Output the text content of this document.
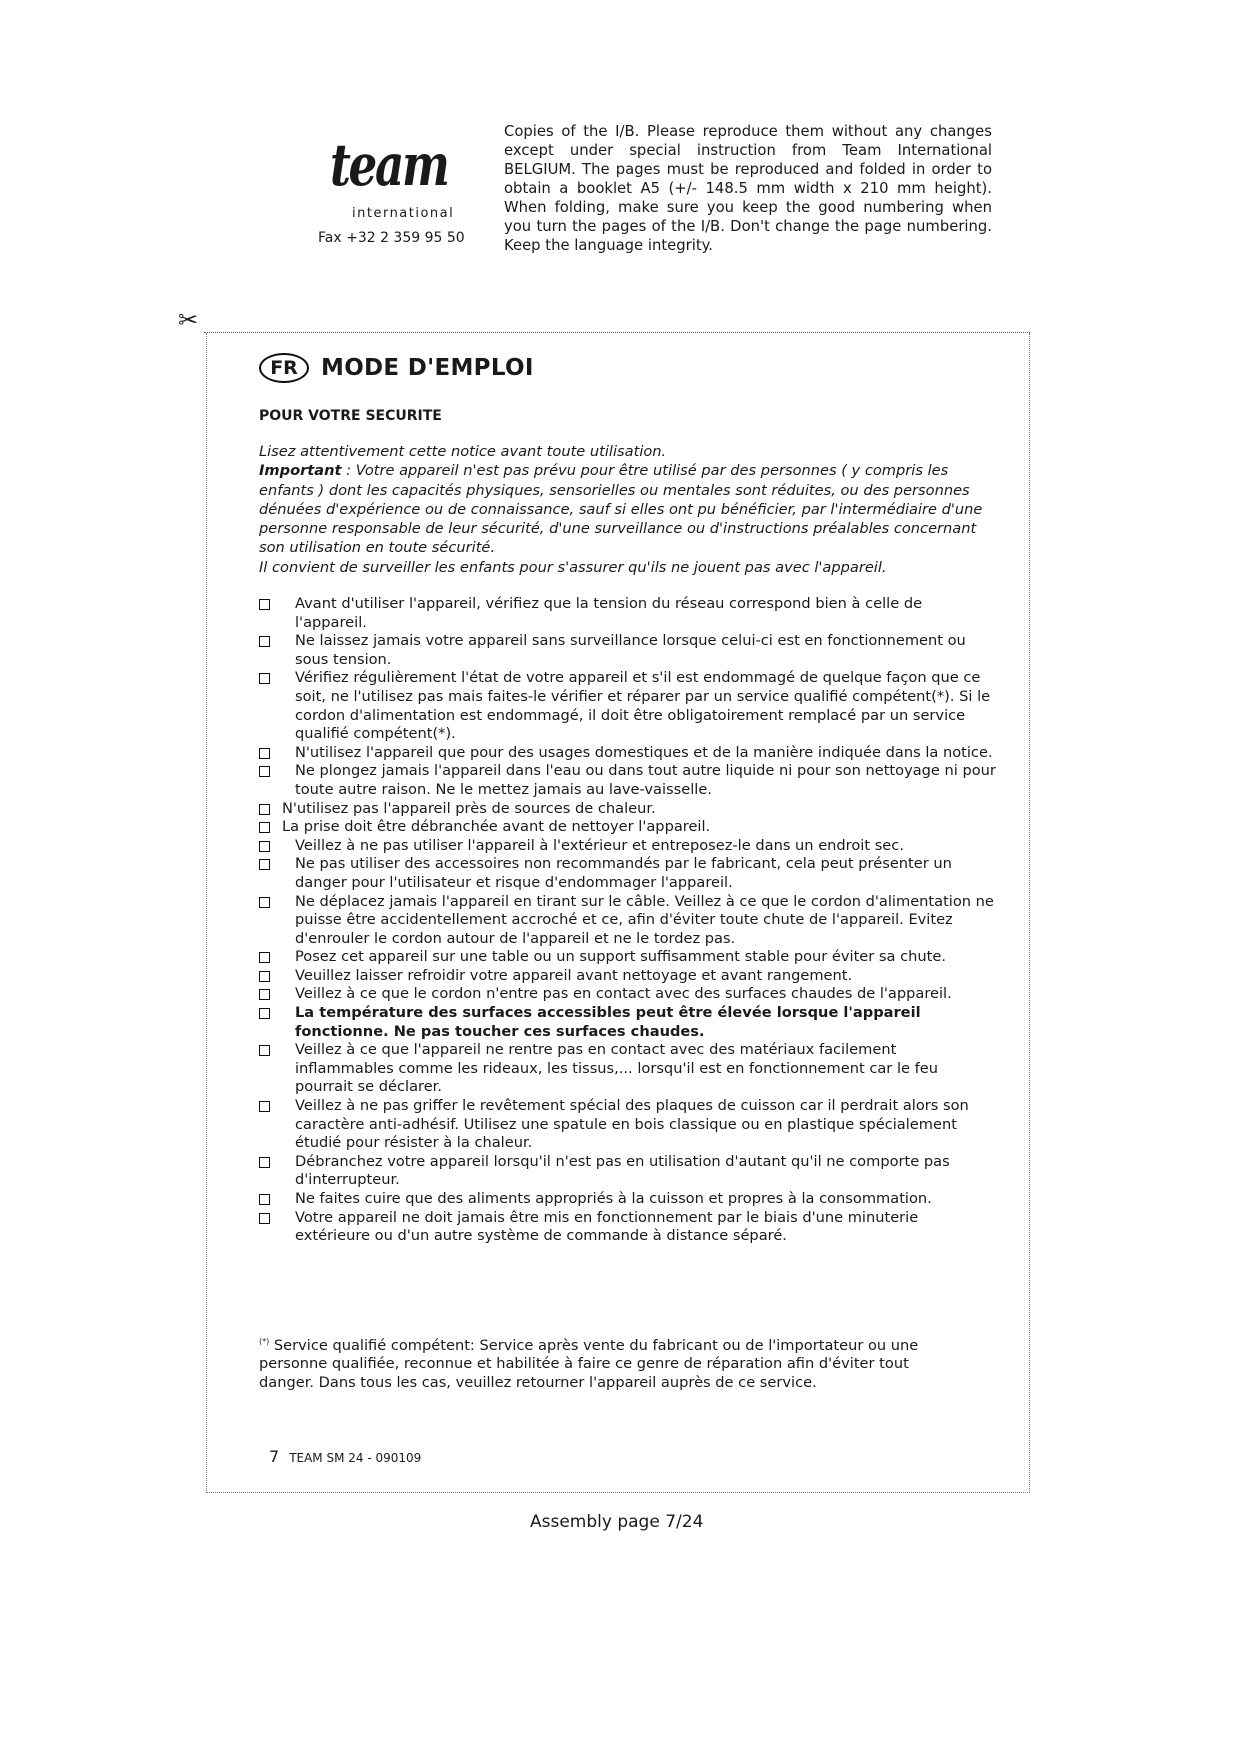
team
international
Fax +32 2 359 95 50
Copies of the I/B. Please reproduce them without any changes except under special instruction from Team International BELGIUM. The pages must be reproduced and folded in order to obtain a booklet A5 (+/- 148.5 mm width x 210 mm height). When folding, make sure you keep the good numbering when you turn the pages of the I/B. Don't change the page numbering. Keep the language integrity.
✂
FR	MODE D'EMPLOI
POUR VOTRE SECURITE

Lisez attentivement cette notice avant toute utilisation.

Important : Votre appareil n'est pas prévu pour être utilisé par des personnes ( y compris les enfants ) dont les capacités physiques, sensorielles ou mentales sont réduites, ou des personnes dénuées d'expérience ou de connaissance, sauf si elles ont pu bénéficier, par l'intermédiaire d'une personne responsable de leur sécurité, d'une surveillance ou d'instructions préalables concernant son utilisation en toute sécurité.

Il convient de surveiller les enfants pour s'assurer qu'ils ne jouent pas avec l'appareil.

Avant d'utiliser l'appareil, vérifiez que la tension du réseau correspond bien à celle de l'appareil.
Ne laissez jamais votre appareil sans surveillance lorsque celui-ci est en fonctionnement ou sous tension.
Vérifiez régulièrement l'état de votre appareil et s'il est endommagé de quelque façon que ce soit, ne l'utilisez pas mais faites-le vérifier et réparer par un service qualifié compétent(*). Si le cordon d'alimentation est endommagé, il doit être obligatoirement remplacé par un service qualifié compétent(*).
N'utilisez l'appareil que pour des usages domestiques et de la manière indiquée dans la notice.
Ne plongez jamais l'appareil dans l'eau ou dans tout autre liquide ni pour son nettoyage ni pour toute autre raison. Ne le mettez jamais au lave-vaisselle.
N'utilisez pas l'appareil près de sources de chaleur.
La prise doit être débranchée avant de nettoyer l'appareil.
Veillez à ne pas utiliser l'appareil à l'extérieur et entreposez-le dans un endroit sec.
Ne pas utiliser des accessoires non recommandés par le fabricant, cela peut présenter un danger pour l'utilisateur et risque d'endommager l'appareil.
Ne déplacez jamais l'appareil en tirant sur le câble. Veillez à ce que le cordon d'alimentation ne puisse être accidentellement accroché et ce, afin d'éviter toute chute de l'appareil. Evitez d'enrouler le cordon autour de l'appareil et ne le tordez pas.
Posez cet appareil sur une table ou un support suffisamment stable pour éviter sa chute.
Veuillez laisser refroidir votre appareil avant nettoyage et avant rangement.
Veillez à ce que le cordon n'entre pas en contact avec des surfaces chaudes de l'appareil.
La température des surfaces accessibles peut être élevée lorsque l'appareil fonctionne. Ne pas toucher ces surfaces chaudes.
Veillez à ce que l'appareil ne rentre pas en contact avec des matériaux facilement inflammables comme les rideaux, les tissus,... lorsqu'il est en fonctionnement car le feu pourrait se déclarer.
Veillez à ne pas griffer le revêtement spécial des plaques de cuisson car il perdrait alors son caractère anti-adhésif. Utilisez une spatule en bois classique ou en plastique spécialement étudié pour résister à la chaleur.
Débranchez votre appareil lorsqu'il n'est pas en utilisation d'autant qu'il ne comporte pas d'interrupteur.
Ne faites cuire que des aliments appropriés à la cuisson et propres à la consommation.
Votre appareil ne doit jamais être mis en fonctionnement par le biais d'une minuterie extérieure ou d'un autre système de commande à distance séparé.
(*) Service qualifié compétent: Service après vente du fabricant ou de l'importateur ou une personne qualifiée, reconnue et habilitée à faire ce genre de réparation afin d'éviter tout danger. Dans tous les cas, veuillez retourner l'appareil auprès de ce service.
7 TEAM SM 24 - 090109
Assembly page 7/24
